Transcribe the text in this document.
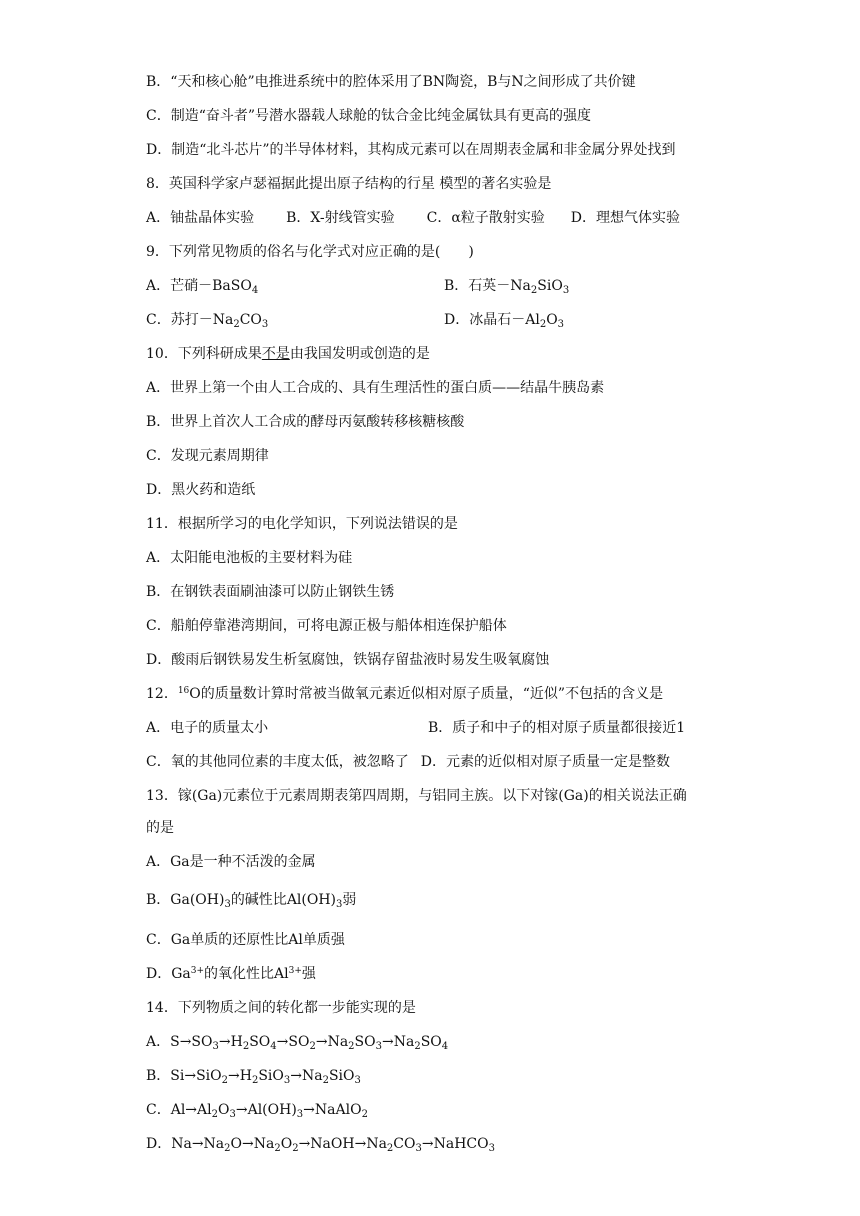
B．“天和核心舱”电推进系统中的腔体采用了BN陶瓷，B与N之间形成了共价键
C．制造“奋斗者”号潜水器载人球舱的钛合金比纯金属钛具有更高的强度
D．制造“北斗芯片”的半导体材料，其构成元素可以在周期表金属和非金属分界处找到
8．英国科学家卢瑟福据此提出原子结构的行星 模型的著名实验是
A．铀盐晶体实验 B．X-射线管实验 C．α粒子散射实验 D．理想气体实验
9．下列常见物质的俗名与化学式对应正确的是(　　)
A．芒硝－BaSO$_4$	B．石英$-Na_2SiO_3$
C．苏打$-Na_2CO_3$	D．冰晶石$-Al_2O_3$
10．下列科研成果不是由我国发明或创造的是
A．世界上第一个由人工合成的、具有生理活性的蛋白质——结晶牛胰岛素
B．世界上首次人工合成的酵母丙氨酸转移核糖核酸
C．发现元素周期律
D．黑火药和造纸
11．根据所学习的电化学知识，下列说法错误的是
A．太阳能电池板的主要材料为硅
B．在钢铁表面刷油漆可以防止钢铁生锈
C．船舶停靠港湾期间，可将电源正极与船体相连保护船体
D．酸雨后钢铁易发生析氢腐蚀，铁锅存留盐液时易发生吸氧腐蚀
12．$^{16}$O的质量数计算时常被当做氧元素近似相对原子质量，“近似”不包括的含义是
A．电子的质量太小	B．质子和中子的相对原子质量都很接近1
C．氧的其他同位素的丰度太低，被忽略了 D．元素的近似相对原子质量一定是整数
13．镓(Ga)元素位于元素周期表第四周期，与铝同主族。以下对镓(Ga)的相关说法正确
的是
A．Ga是一种不活泼的金属
B．$Ga(OH)_3$的碱性比$Al(OH)_3$弱
C．Ga单质的还原性比Al单质强
D．$Ga^{3+}$的氧化性比$Al^{3+}$强
14．下列物质之间的转化都一步能实现的是
A．$S\to SO_3\to H_2SO_4\to SO_2\to Na_2SO_3\to Na_2SO_4$
B．$Si\to SiO_2\to H_2SiO_3\to Na_2SiO_3$
C．$Al\to Al_2O_3\to Al(OH)_3\to NaAlO_2$
D．$Na\to Na_2O\to Na_2O_2\to NaOH\to Na_2CO_3\to NaHCO_3$
